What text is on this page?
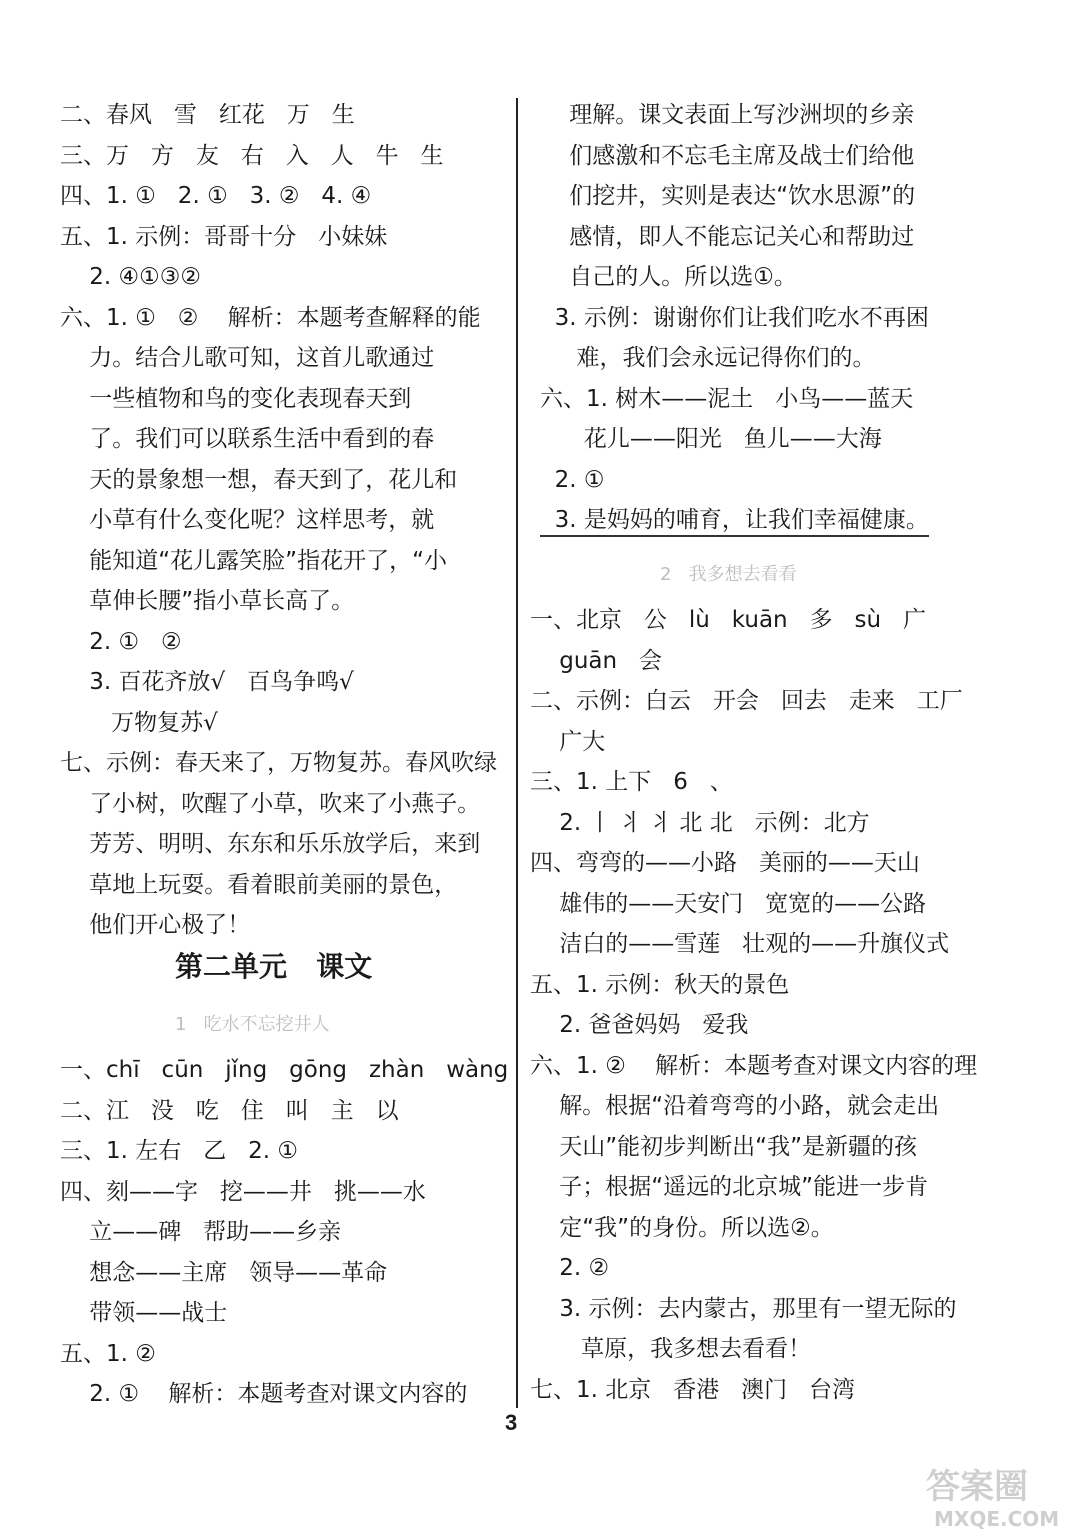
二、春风   雪   红花   万   生
三、万   方   友   右   入   人   牛   生
四、1. ①   2. ①   3. ②   4. ④
五、1. 示例：哥哥十分   小妹妹
2. ④①③②
六、1. ①   ②    解析：本题考查解释的能
力。结合儿歌可知，这首儿歌通过
一些植物和鸟的变化表现春天到
了。我们可以联系生活中看到的春
天的景象想一想，春天到了，花儿和
小草有什么变化呢？这样思考，就
能知道“花儿露笑脸”指花开了，“小
草伸长腰”指小草长高了。
2. ①   ②
3. 百花齐放√   百鸟争鸣√
万物复苏√
七、示例：春天来了，万物复苏。春风吹绿
了小树，吹醒了小草，吹来了小燕子。
芳芳、明明、东东和乐乐放学后，来到
草地上玩耍。看着眼前美丽的景色，
他们开心极了！
第二单元   课文
1   吃水不忘挖井人
一、chī   cūn   jǐng   gōng   zhàn   wàng
二、江   没   吃   住   叫   主   以
三、1. 左右   乙   2. ①
四、刻——字   挖——井   挑——水
立——碑   帮助——乡亲
想念——主席   领导——革命
带领——战士
五、1. ②
2. ①    解析：本题考查对课文内容的
理解。课文表面上写沙洲坝的乡亲
们感激和不忘毛主席及战士们给他
们挖井，实则是表达“饮水思源”的
感情，即人不能忘记关心和帮助过
自己的人。所以选①。
3. 示例：谢谢你们让我们吃水不再困
难，我们会永远记得你们的。
六、1. 树木——泥土   小鸟——蓝天
花儿——阳光   鱼儿——大海
2. ①
3. 是妈妈的哺育，让我们幸福健康。
2   我多想去看看
一、北京   公   lù   kuān   多   sù   广
guān   会
二、示例：白云   开会   回去   走来   工厂
广大
三、1. 上下   6   、
2. 丨 丬 丬 北 北   示例：北方
四、弯弯的——小路   美丽的——天山
雄伟的——天安门   宽宽的——公路
洁白的——雪莲   壮观的——升旗仪式
五、1. 示例：秋天的景色
2. 爸爸妈妈   爱我
六、1. ②    解析：本题考查对课文内容的理
解。根据“沿着弯弯的小路，就会走出
天山”能初步判断出“我”是新疆的孩
子；根据“遥远的北京城”能进一步肯
定“我”的身份。所以选②。
2. ②
3. 示例：去内蒙古，那里有一望无际的
草原，我多想去看看！
七、1. 北京   香港   澳门   台湾
3
答案圈
MXQE.COM
